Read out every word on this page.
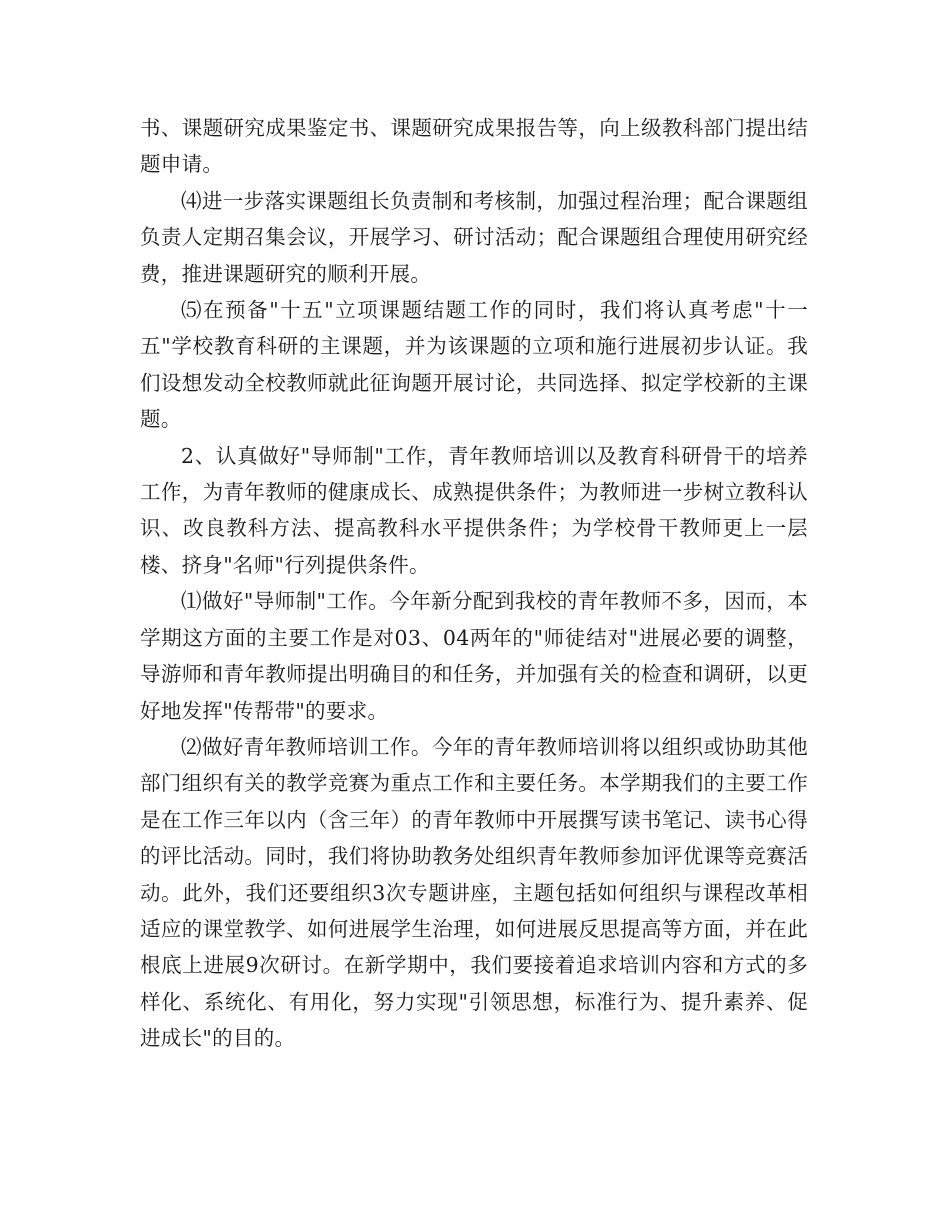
书、课题研究成果鉴定书、课题研究成果报告等，向上级教科部门提出结题申请。

⑷进一步落实课题组长负责制和考核制，加强过程治理；配合课题组负责人定期召集会议，开展学习、研讨活动；配合课题组合理使用研究经费，推进课题研究的顺利开展。

⑸在预备"十五"立项课题结题工作的同时，我们将认真考虑"十一五"学校教育科研的主课题，并为该课题的立项和施行进展初步认证。我们设想发动全校教师就此征询题开展讨论，共同选择、拟定学校新的主课题。

2、认真做好"导师制"工作，青年教师培训以及教育科研骨干的培养工作，为青年教师的健康成长、成熟提供条件；为教师进一步树立教科认识、改良教科方法、提高教科水平提供条件；为学校骨干教师更上一层楼、挤身"名师"行列提供条件。

⑴做好"导师制"工作。今年新分配到我校的青年教师不多，因而，本学期这方面的主要工作是对03、04两年的"师徒结对"进展必要的调整，导游师和青年教师提出明确目的和任务，并加强有关的检查和调研，以更好地发挥"传帮带"的要求。

⑵做好青年教师培训工作。今年的青年教师培训将以组织或协助其他部门组织有关的教学竞赛为重点工作和主要任务。本学期我们的主要工作是在工作三年以内（含三年）的青年教师中开展撰写读书笔记、读书心得的评比活动。同时，我们将协助教务处组织青年教师参加评优课等竞赛活动。此外，我们还要组织3次专题讲座，主题包括如何组织与课程改革相适应的课堂教学、如何进展学生治理，如何进展反思提高等方面，并在此根底上进展9次研讨。在新学期中，我们要接着追求培训内容和方式的多样化、系统化、有用化，努力实现"引领思想，标准行为、提升素养、促进成长"的目的。
